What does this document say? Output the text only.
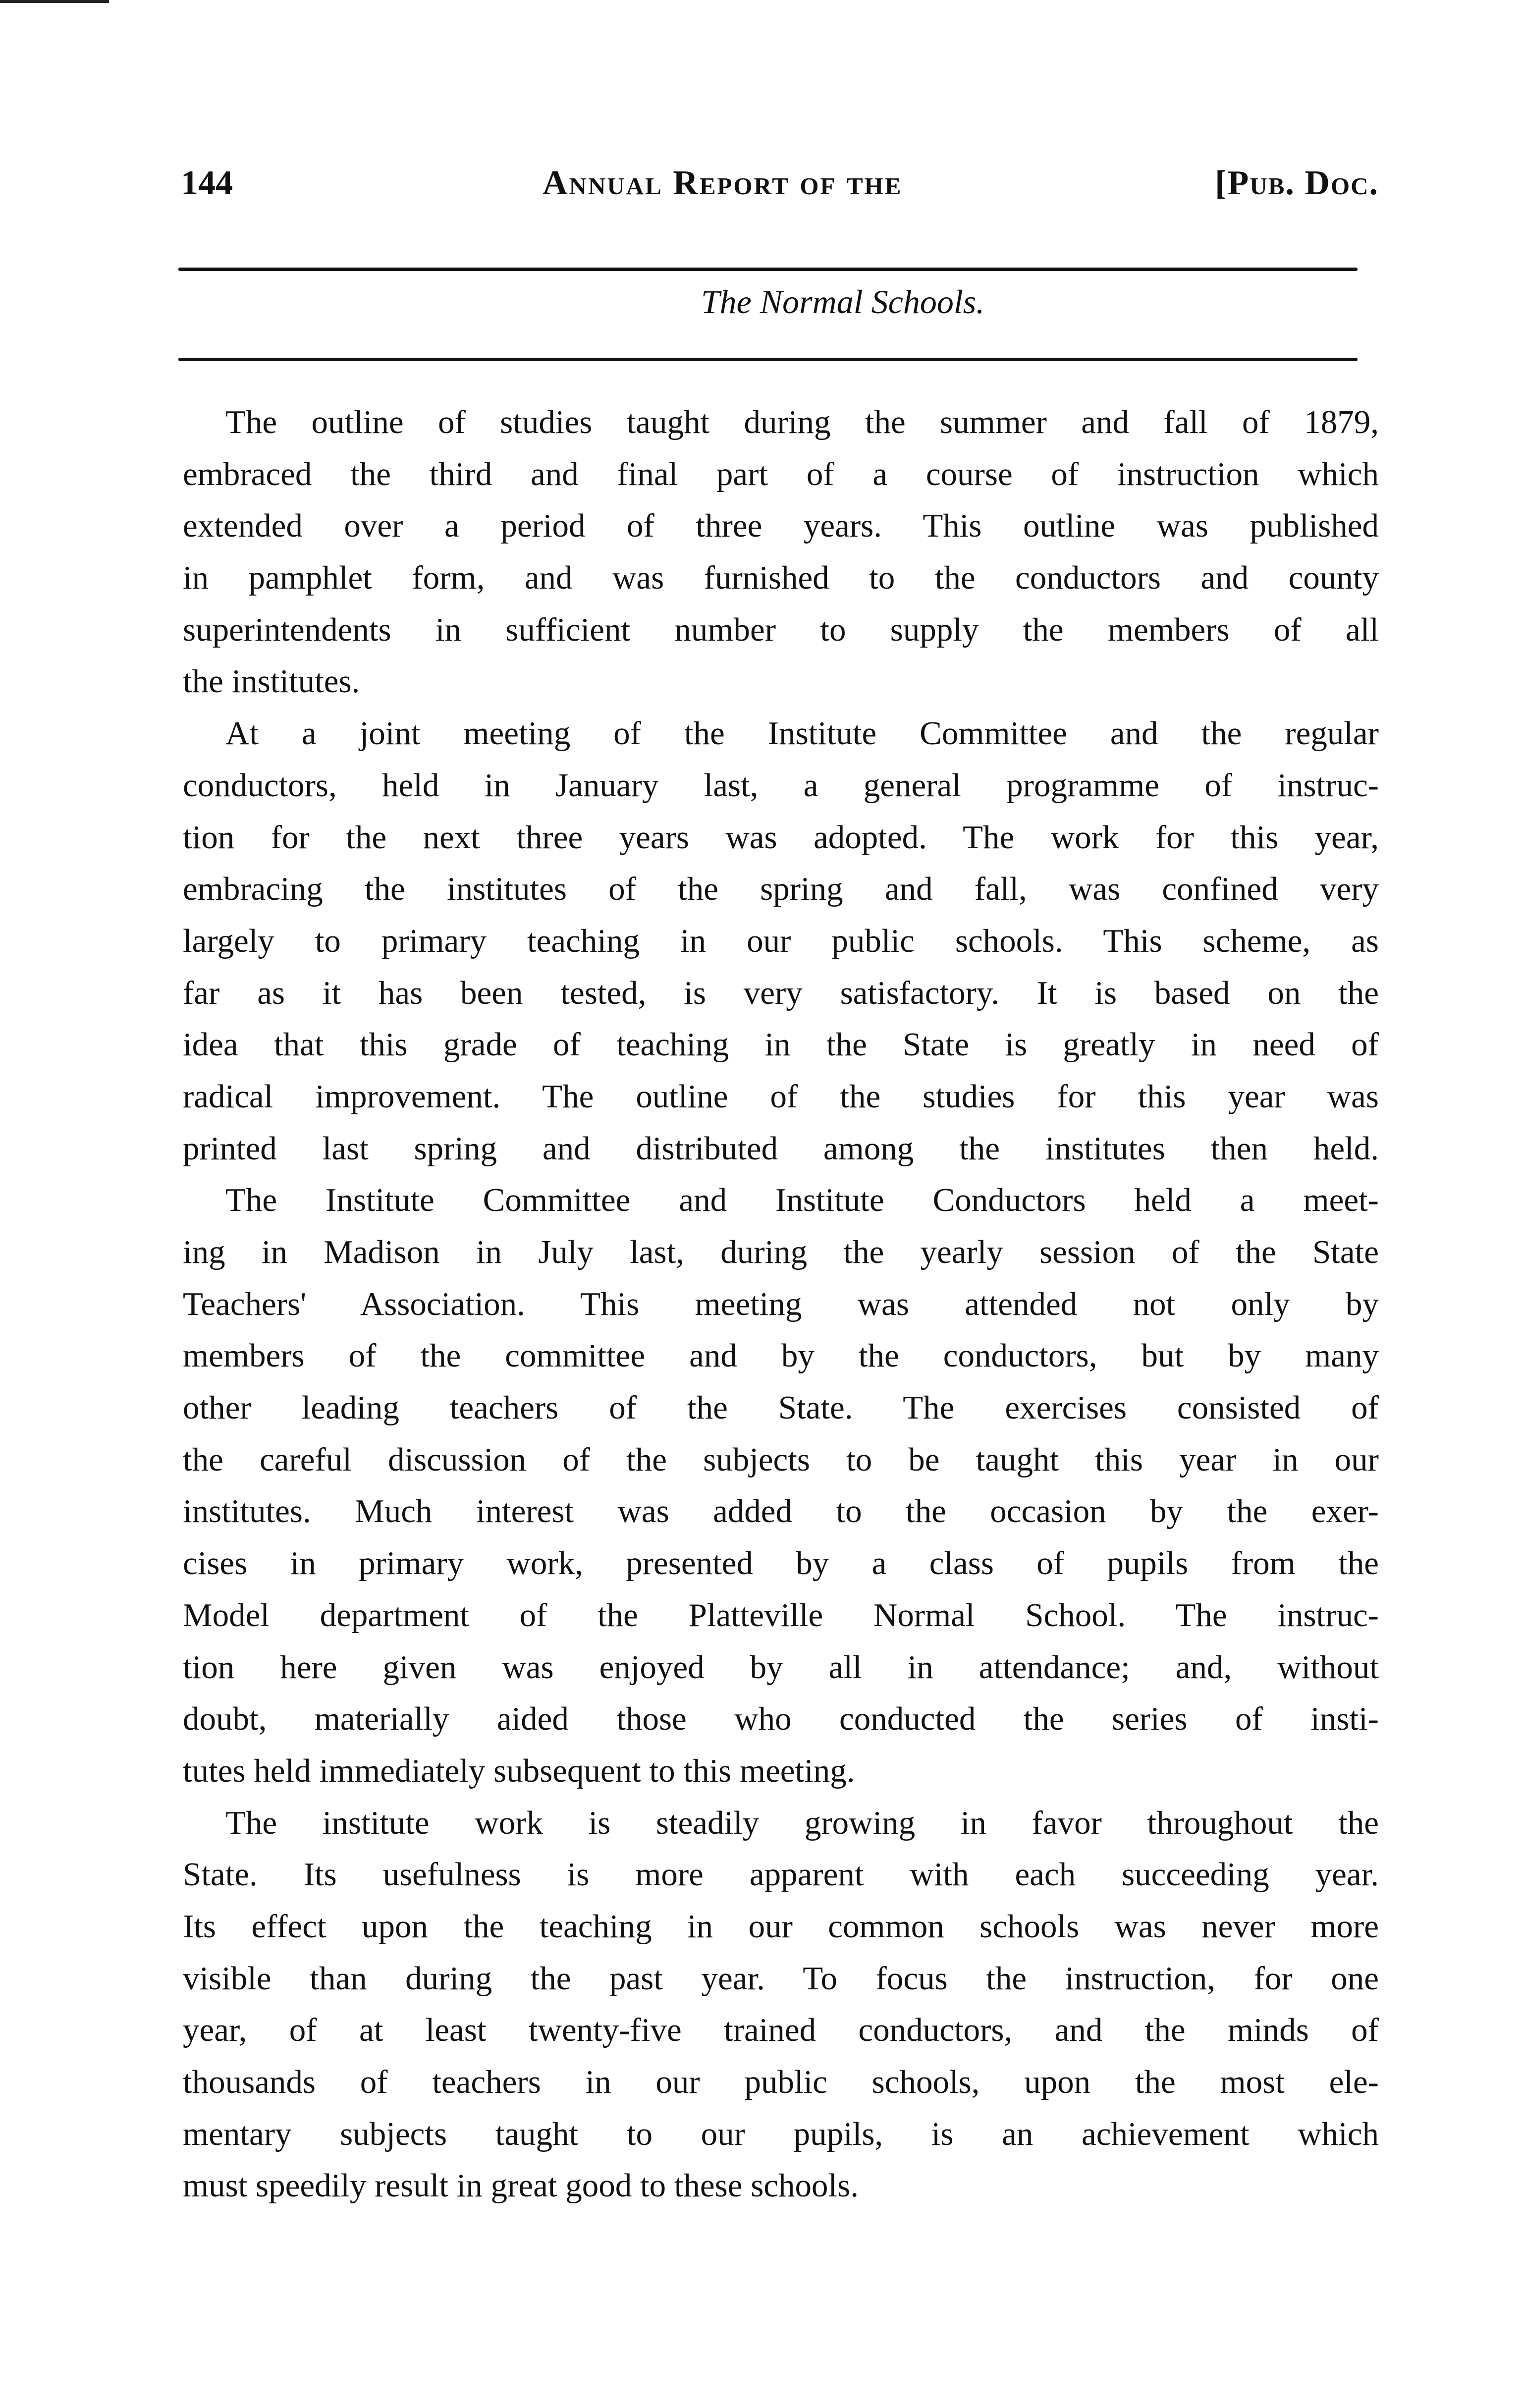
144	Annual Report of the	[Pub. Doc.
The Normal Schools.
The outline of studies taught during the summer and fall of 1879,
embraced the third and final part of a course of instruction which
extended over a period of three years. This outline was published
in pamphlet form, and was furnished to the conductors and county
superintendents in sufficient number to supply the members of all
the institutes.
At a joint meeting of the Institute Committee and the regular
conductors, held in January last, a general programme of instruc-
tion for the next three years was adopted. The work for this year,
embracing the institutes of the spring and fall, was confined very
largely to primary teaching in our public schools. This scheme, as
far as it has been tested, is very satisfactory. It is based on the
idea that this grade of teaching in the State is greatly in need of
radical improvement. The outline of the studies for this year was
printed last spring and distributed among the institutes then held.
The Institute Committee and Institute Conductors held a meet-
ing in Madison in July last, during the yearly session of the State
Teachers' Association. This meeting was attended not only by
members of the committee and by the conductors, but by many
other leading teachers of the State. The exercises consisted of
the careful discussion of the subjects to be taught this year in our
institutes. Much interest was added to the occasion by the exer-
cises in primary work, presented by a class of pupils from the
Model department of the Platteville Normal School. The instruc-
tion here given was enjoyed by all in attendance; and, without
doubt, materially aided those who conducted the series of insti-
tutes held immediately subsequent to this meeting.
The institute work is steadily growing in favor throughout the
State. Its usefulness is more apparent with each succeeding year.
Its effect upon the teaching in our common schools was never more
visible than during the past year. To focus the instruction, for one
year, of at least twenty-five trained conductors, and the minds of
thousands of teachers in our public schools, upon the most ele-
mentary subjects taught to our pupils, is an achievement which
must speedily result in great good to these schools.
